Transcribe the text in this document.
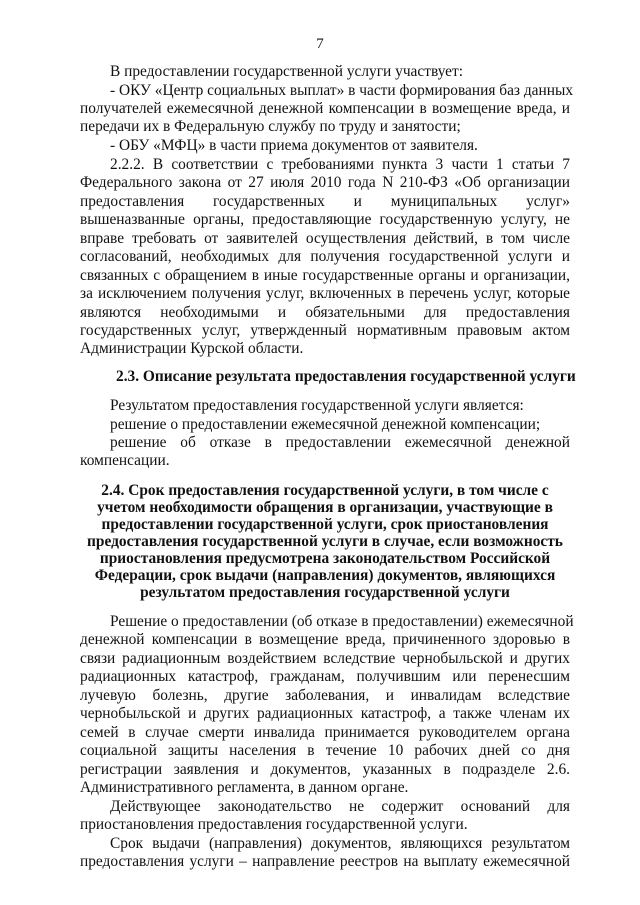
7
В предоставлении государственной услуги участвует:
- ОКУ «Центр социальных выплат» в части формирования баз данных
получателей ежемесячной денежной компенсации в возмещение вреда, и
передачи их в Федеральную службу по труду и занятости;
- ОБУ «МФЦ» в части приема документов от заявителя.
2.2.2. В соответствии с требованиями пункта 3 части 1 статьи 7
Федерального закона от 27 июля 2010 года N 210-ФЗ «Об организации
предоставления государственных и муниципальных услуг»
вышеназванные органы, предоставляющие государственную услугу, не
вправе требовать от заявителей осуществления действий, в том числе
согласований, необходимых для получения государственной услуги и
связанных с обращением в иные государственные органы и организации,
за исключением получения услуг, включенных в перечень услуг, которые
являются необходимыми и обязательными для предоставления
государственных услуг, утвержденный нормативным правовым актом
Администрации Курской области.
2.3. Описание результата предоставления государственной услуги
Результатом предоставления государственной услуги является:
решение о предоставлении ежемесячной денежной компенсации;
решение об отказе в предоставлении ежемесячной денежной
компенсации.
2.4. Срок предоставления государственной услуги, в том числе с
учетом необходимости обращения в организации, участвующие в
предоставлении государственной услуги, срок приостановления
предоставления государственной услуги в случае, если возможность
приостановления предусмотрена законодательством Российской
Федерации, срок выдачи (направления) документов, являющихся
результатом предоставления государственной услуги
Решение о предоставлении (об отказе в предоставлении) ежемесячной
денежной компенсации в возмещение вреда, причиненного здоровью в
связи радиационным воздействием вследствие чернобыльской и других
радиационных катастроф, гражданам, получившим или перенесшим
лучевую болезнь, другие заболевания, и инвалидам вследствие
чернобыльской и других радиационных катастроф, а также членам их
семей в случае смерти инвалида принимается руководителем органа
социальной защиты населения в течение 10 рабочих дней со дня
регистрации заявления и документов, указанных в подразделе 2.6.
Административного регламента, в данном органе.
Действующее законодательство не содержит оснований для
приостановления предоставления государственной услуги.
Срок выдачи (направления) документов, являющихся результатом
предоставления услуги – направление реестров на выплату ежемесячной
